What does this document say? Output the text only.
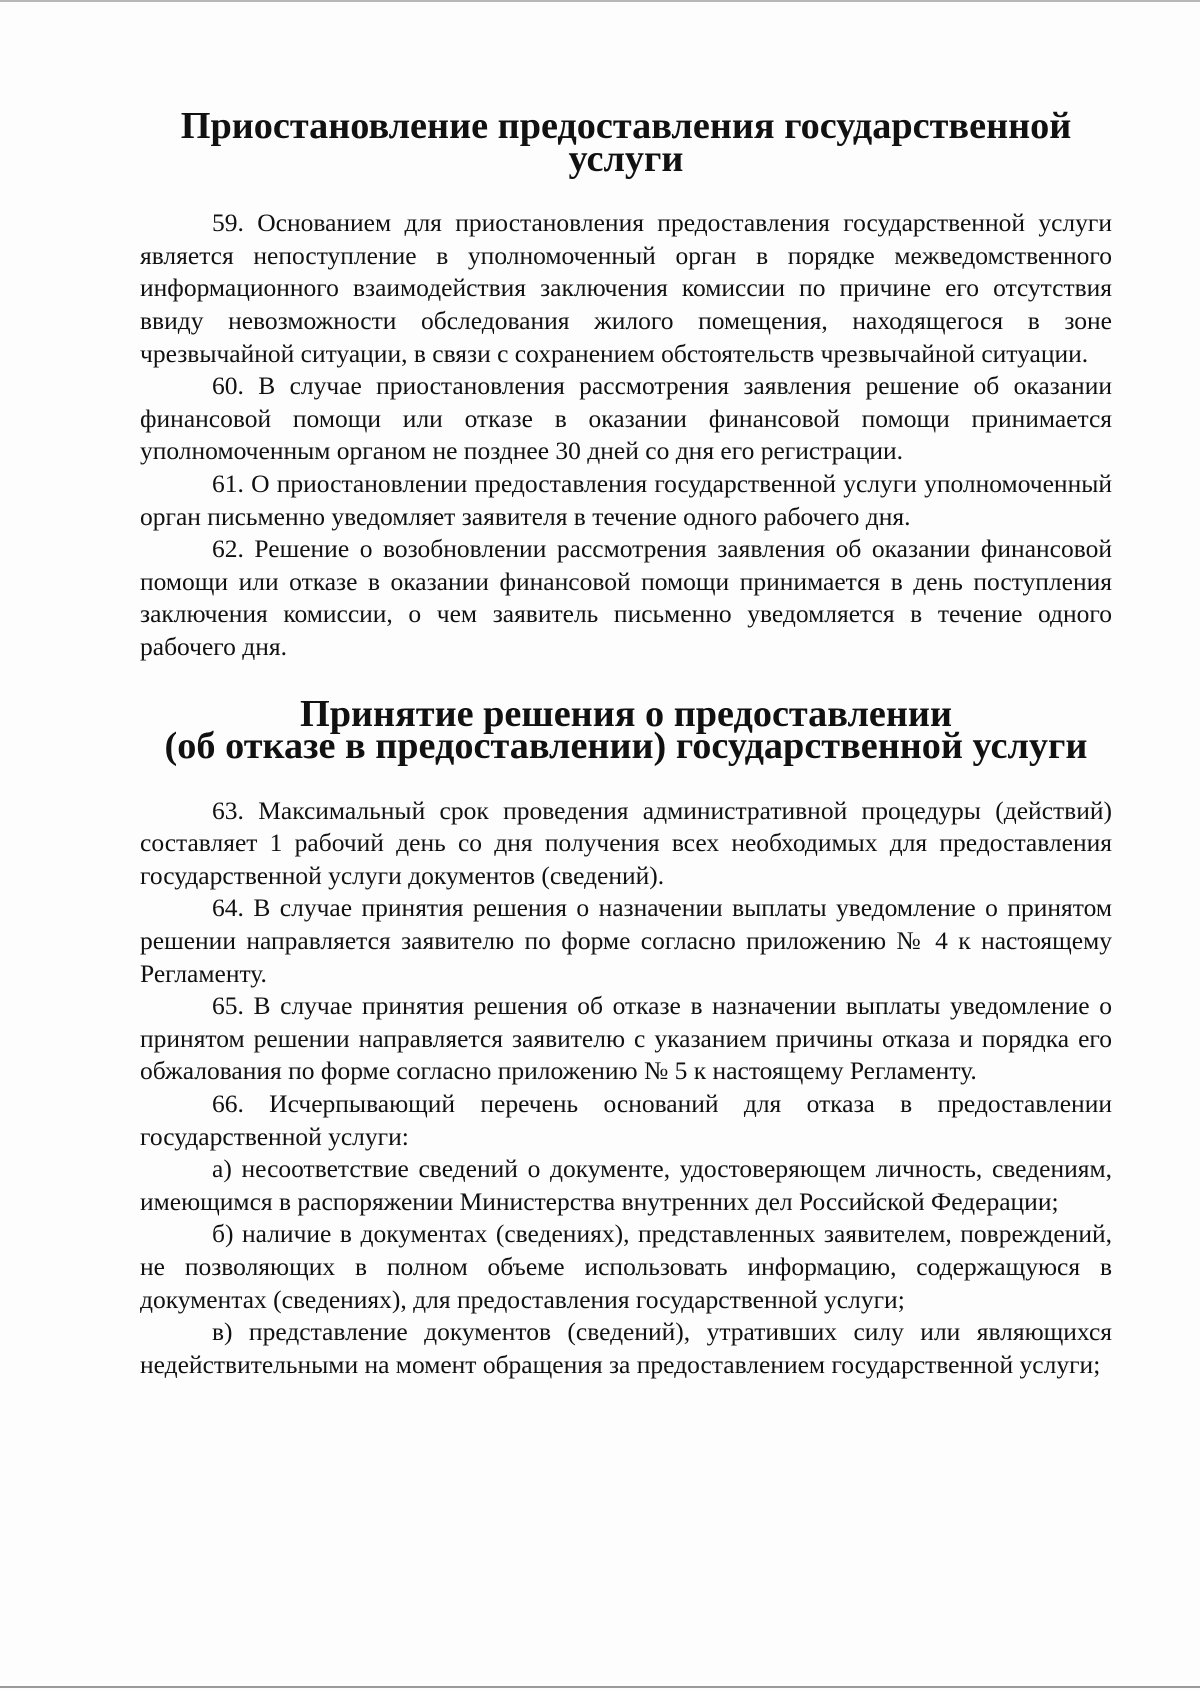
Приостановление предоставления государственной услуги

59. Основанием для приостановления предоставления государственной услуги является непоступление в уполномоченный орган в порядке межведомственного информационного взаимодействия заключения комиссии по причине его отсутствия ввиду невозможности обследования жилого помещения, находящегося в зоне чрезвычайной ситуации, в связи с сохранением обстоятельств чрезвычайной ситуации.

60. В случае приостановления рассмотрения заявления решение об оказании финансовой помощи или отказе в оказании финансовой помощи принимается уполномоченным органом не позднее 30 дней со дня его регистрации.

61. О приостановлении предоставления государственной услуги уполномоченный орган письменно уведомляет заявителя в течение одного рабочего дня.

62. Решение о возобновлении рассмотрения заявления об оказании финансовой помощи или отказе в оказании финансовой помощи принимается в день поступления заключения комиссии, о чем заявитель письменно уведомляется в течение одного рабочего дня.

Принятие решения о предоставлении
(об отказе в предоставлении) государственной услуги

63. Максимальный срок проведения административной процедуры (действий) составляет 1 рабочий день со дня получения всех необходимых для предоставления государственной услуги документов (сведений).

64. В случае принятия решения о назначении выплаты уведомление о принятом решении направляется заявителю по форме согласно приложению № 4 к настоящему Регламенту.

65. В случае принятия решения об отказе в назначении выплаты уведомление о принятом решении направляется заявителю с указанием причины отказа и порядка его обжалования по форме согласно приложению № 5 к настоящему Регламенту.

66. Исчерпывающий перечень оснований для отказа в предоставлении государственной услуги:

а) несоответствие сведений о документе, удостоверяющем личность, сведениям, имеющимся в распоряжении Министерства внутренних дел Российской Федерации;

б) наличие в документах (сведениях), представленных заявителем, повреждений, не позволяющих в полном объеме использовать информацию, содержащуюся в документах (сведениях), для предоставления государственной услуги;

в) представление документов (сведений), утративших силу или являющихся недействительными на момент обращения за предоставлением государственной услуги;
